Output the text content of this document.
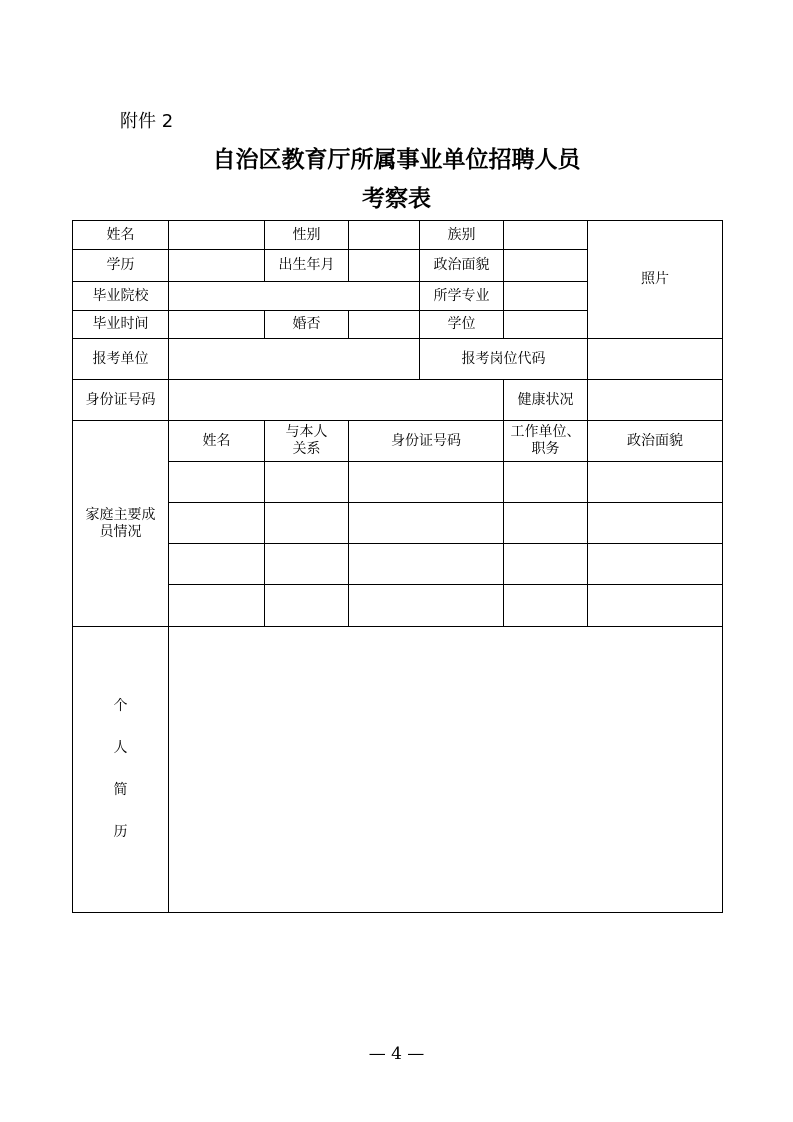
附件 2
自治区教育厅所属事业单位招聘人员
考察表
姓名		性别		族别		照片
学历		出生年月		政治面貌		
毕业院校				所学专业		
毕业时间		婚否		学位		
报考单位				报考岗位代码		
身份证号码					健康状况	
家庭主要成员情况	姓名	与本人关系	身份证号码		工作单位、职务	政治面貌

个
人
简
历						

— 4 —
